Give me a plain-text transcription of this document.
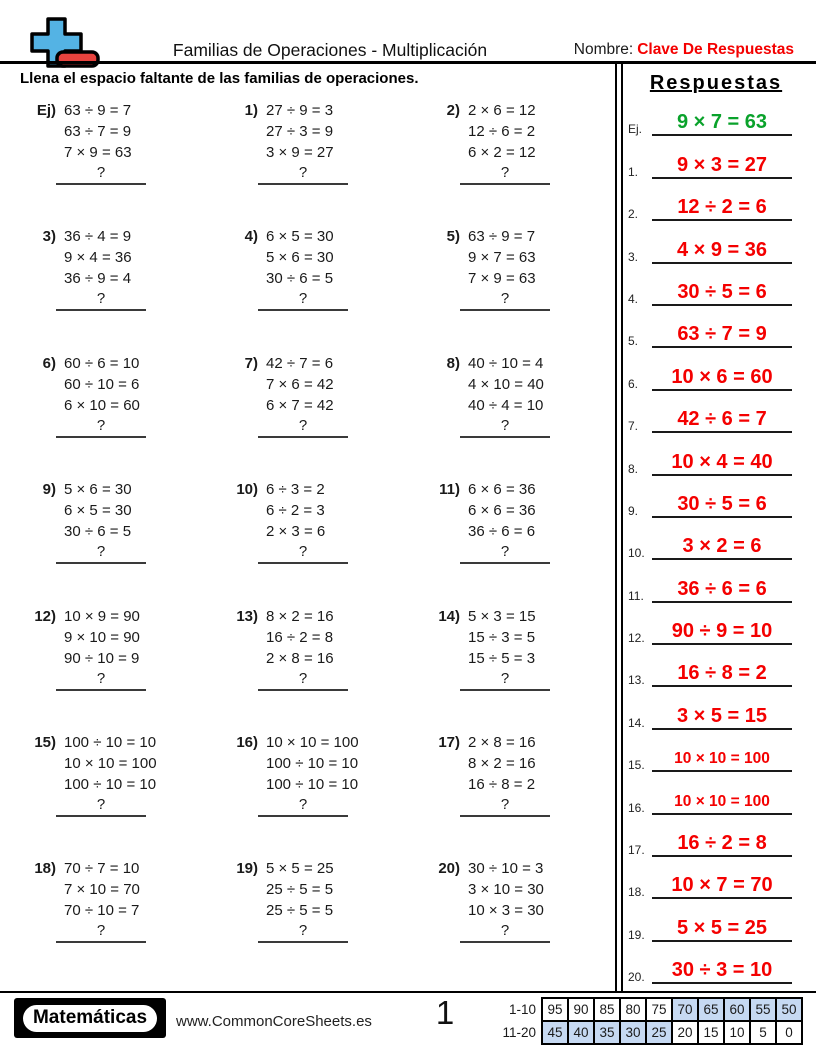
Familias de Operaciones - Multiplicación	Nombre: Clave De Respuestas
Llena el espacio faltante de las familias de operaciones.
Ej) 63 ÷ 9 = 7
63 ÷ 7 = 9
7 × 9 = 63
?
1) 27 ÷ 9 = 3
27 ÷ 3 = 9
3 × 9 = 27
?
2) 2 × 6 = 12
12 ÷ 6 = 2
6 × 2 = 12
?
3) 36 ÷ 4 = 9
9 × 4 = 36
36 ÷ 9 = 4
?
4) 6 × 5 = 30
5 × 6 = 30
30 ÷ 6 = 5
?
5) 63 ÷ 9 = 7
9 × 7 = 63
7 × 9 = 63
?
6) 60 ÷ 6 = 10
60 ÷ 10 = 6
6 × 10 = 60
?
7) 42 ÷ 7 = 6
7 × 6 = 42
6 × 7 = 42
?
8) 40 ÷ 10 = 4
4 × 10 = 40
40 ÷ 4 = 10
?
9) 5 × 6 = 30
6 × 5 = 30
30 ÷ 6 = 5
?
10) 6 ÷ 3 = 2
6 ÷ 2 = 3
2 × 3 = 6
?
11) 6 × 6 = 36
6 × 6 = 36
36 ÷ 6 = 6
?
12) 10 × 9 = 90
9 × 10 = 90
90 ÷ 10 = 9
?
13) 8 × 2 = 16
16 ÷ 2 = 8
2 × 8 = 16
?
14) 5 × 3 = 15
15 ÷ 3 = 5
15 ÷ 5 = 3
?
15) 100 ÷ 10 = 10
10 × 10 = 100
100 ÷ 10 = 10
?
16) 10 × 10 = 100
100 ÷ 10 = 10
100 ÷ 10 = 10
?
17) 2 × 8 = 16
8 × 2 = 16
16 ÷ 8 = 2
?
18) 70 ÷ 7 = 10
7 × 10 = 70
70 ÷ 10 = 7
?
19) 5 × 5 = 25
25 ÷ 5 = 5
25 ÷ 5 = 5
?
20) 30 ÷ 10 = 3
3 × 10 = 30
10 × 3 = 30
?
Respuestas
Ej.	9 × 7 = 63
1.	9 × 3 = 27
2.	12 ÷ 2 = 6
3.	4 × 9 = 36
4.	30 ÷ 5 = 6
5.	63 ÷ 7 = 9
6.	10 × 6 = 60
7.	42 ÷ 6 = 7
8.	10 × 4 = 40
9.	30 ÷ 5 = 6
10.	3 × 2 = 6
11.	36 ÷ 6 = 6
12.	90 ÷ 9 = 10
13.	16 ÷ 8 = 2
14.	3 × 5 = 15
15.	10 × 10 = 100
16.	10 × 10 = 100
17.	16 ÷ 2 = 8
18.	10 × 7 = 70
19.	5 × 5 = 25
20.	30 ÷ 3 = 10
Matemáticas	www.CommonCoreSheets.es	1	1-10	95	90	85	80	75	70	65	60	55	50
11-20	45	40	35	30	25	20	15	10	5	0
